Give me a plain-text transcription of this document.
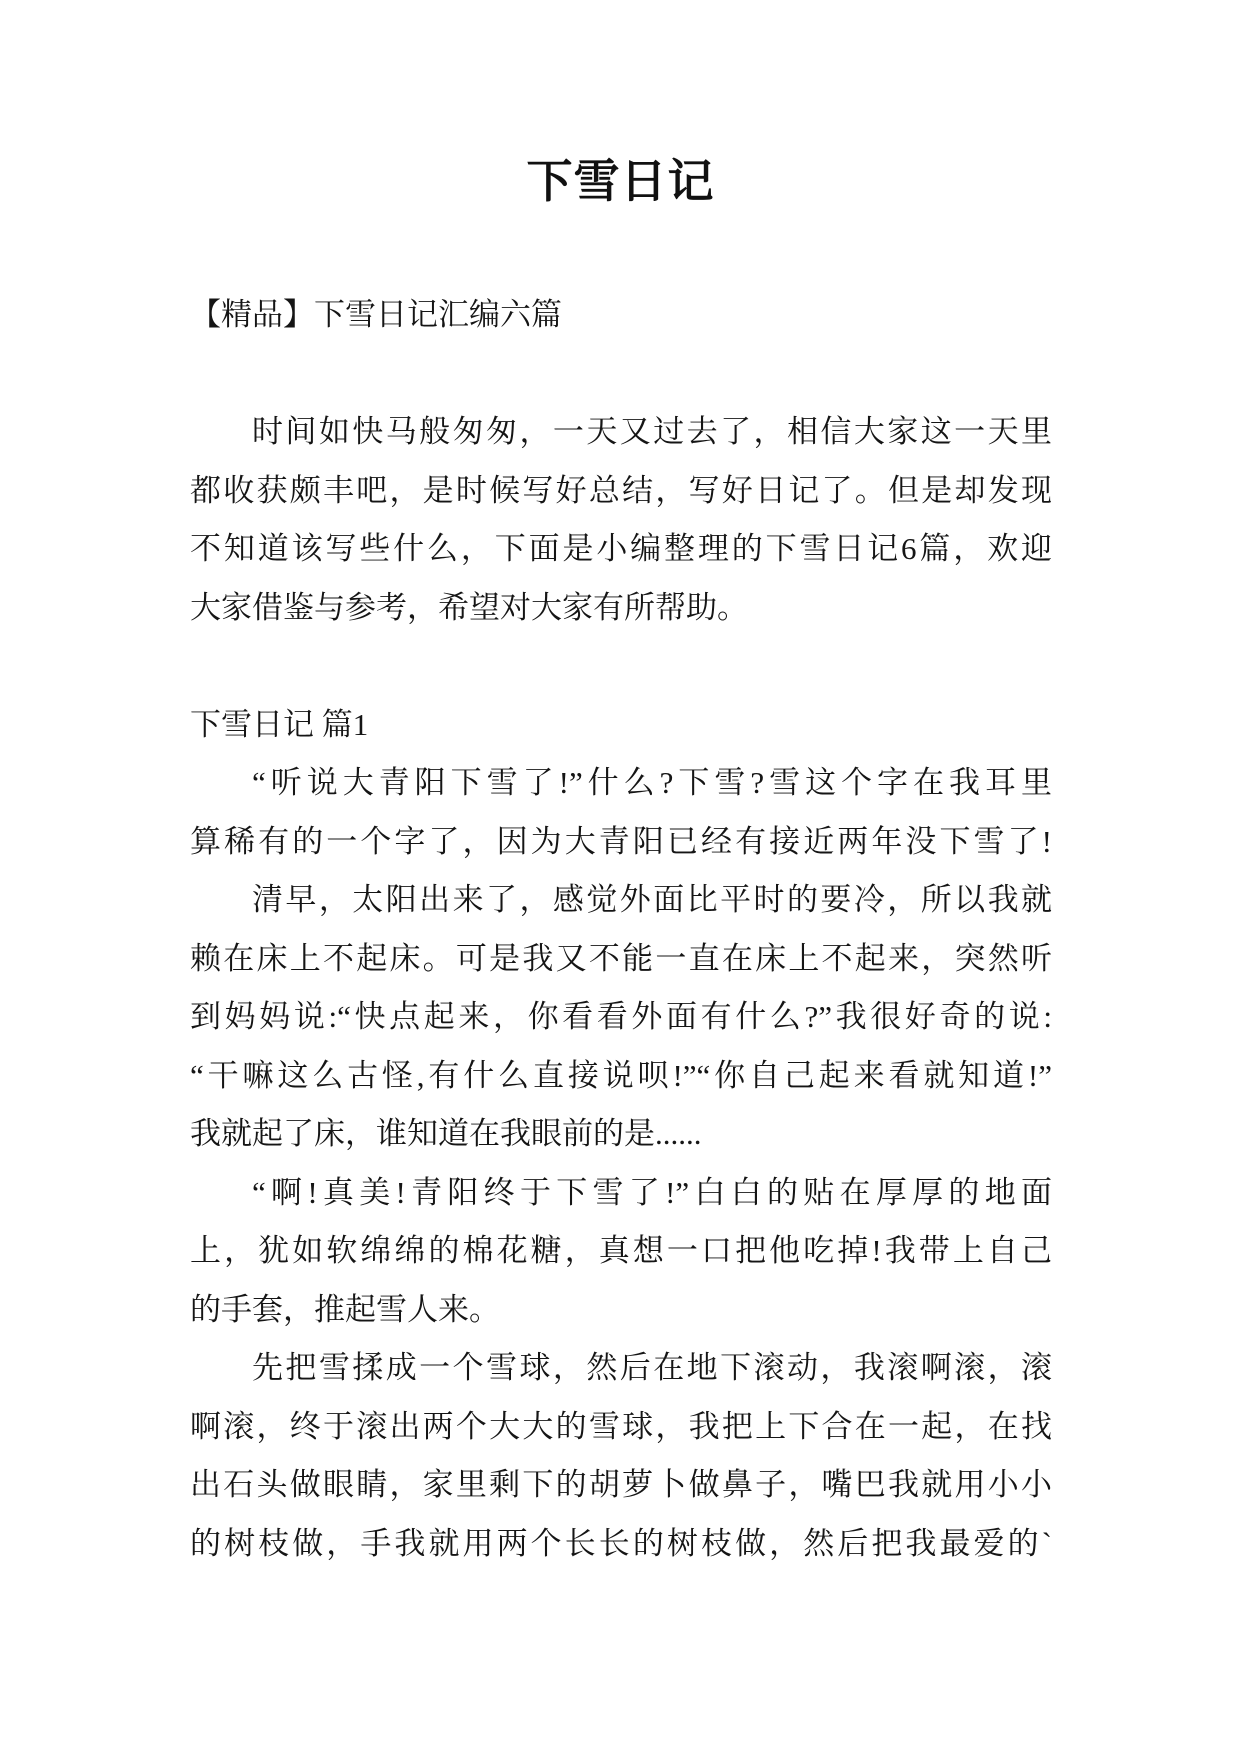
下雪日记
【精品】下雪日记汇编六篇
时间如快马般匆匆，一天又过去了，相信大家这一天里
都收获颇丰吧，是时候写好总结，写好日记了。但是却发现
不知道该写些什么，下面是小编整理的下雪日记6篇，欢迎
大家借鉴与参考，希望对大家有所帮助。
下雪日记 篇1
“听说大青阳下雪了!”什么?下雪?雪这个字在我耳里
算稀有的一个字了，因为大青阳已经有接近两年没下雪了!
清早，太阳出来了，感觉外面比平时的要冷，所以我就
赖在床上不起床。可是我又不能一直在床上不起来，突然听
到妈妈说:“快点起来，你看看外面有什么?”我很好奇的说:
“干嘛这么古怪,有什么直接说呗!”“你自己起来看就知道!”
我就起了床，谁知道在我眼前的是......
“啊!真美!青阳终于下雪了!”白白的贴在厚厚的地面
上，犹如软绵绵的棉花糖，真想一口把他吃掉!我带上自己
的手套，推起雪人来。
先把雪揉成一个雪球，然后在地下滚动，我滚啊滚，滚
啊滚，终于滚出两个大大的雪球，我把上下合在一起，在找
出石头做眼睛，家里剩下的胡萝卜做鼻子，嘴巴我就用小小
的树枝做，手我就用两个长长的树枝做，然后把我最爱的`
